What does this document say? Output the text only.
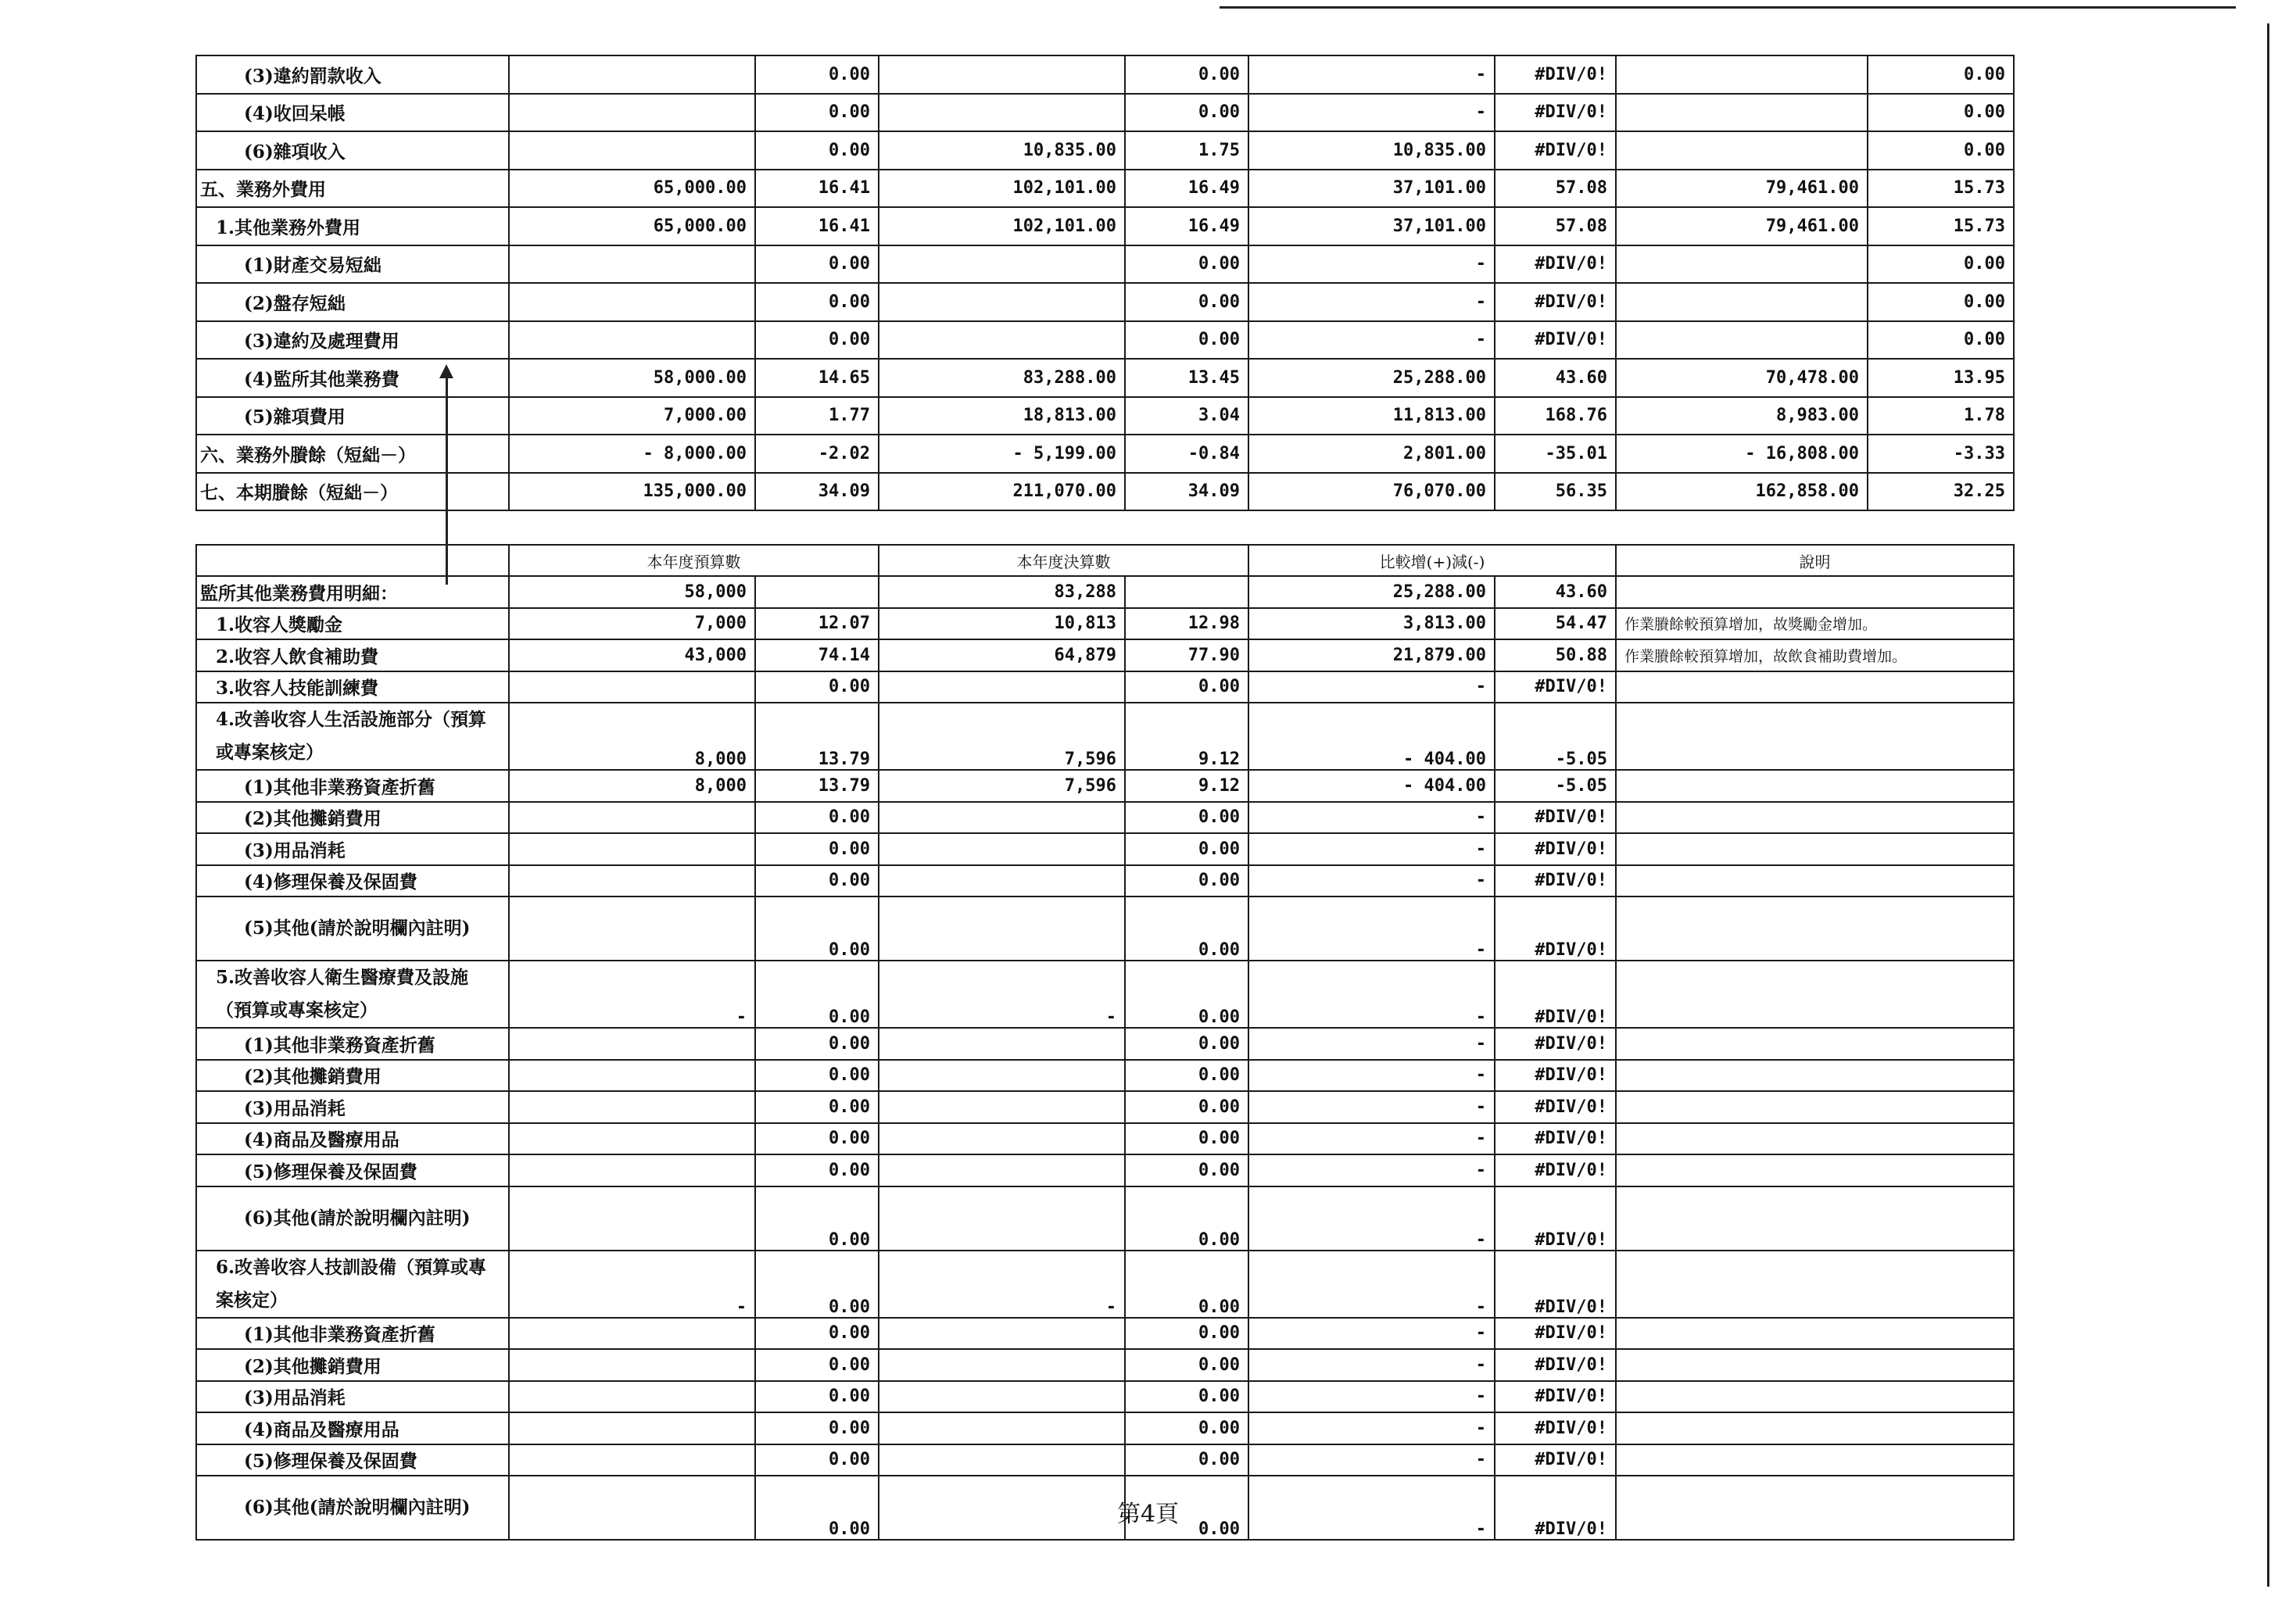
(3)違約罰款收入		0.00		0.00	-	#DIV/0!		0.00
(4)收回呆帳		0.00		0.00	-	#DIV/0!		0.00
(6)雜項收入		0.00	10,835.00	1.75	10,835.00	#DIV/0!		0.00
五、業務外費用	65,000.00	16.41	102,101.00	16.49	37,101.00	57.08	79,461.00	15.73
1.其他業務外費用	65,000.00	16.41	102,101.00	16.49	37,101.00	57.08	79,461.00	15.73
(1)財產交易短絀		0.00		0.00	-	#DIV/0!		0.00
(2)盤存短絀		0.00		0.00	-	#DIV/0!		0.00
(3)違約及處理費用		0.00		0.00	-	#DIV/0!		0.00
(4)監所其他業務費	58,000.00	14.65	83,288.00	13.45	25,288.00	43.60	70,478.00	13.95
(5)雜項費用	7,000.00	1.77	18,813.00	3.04	11,813.00	168.76	8,983.00	1.78
六、業務外賸餘（短絀－）	- 8,000.00	-2.02	- 5,199.00	-0.84	2,801.00	-35.01	- 16,808.00	-3.33
七、本期賸餘（短絀－）	135,000.00	34.09	211,070.00	34.09	76,070.00	56.35	162,858.00	32.25
	本年度預算數		本年度決算數		比較增(+)減(-)		說明
監所其他業務費用明細：	58,000		83,288		25,288.00	43.60	
1.收容人獎勵金	7,000	12.07	10,813	12.98	3,813.00	54.47	作業賸餘較預算增加，故獎勵金增加。
2.收容人飲食補助費	43,000	74.14	64,879	77.90	21,879.00	50.88	作業賸餘較預算增加，故飲食補助費增加。
3.收容人技能訓練費		0.00		0.00	-	#DIV/0!	
4.改善收容人生活設施部分（預算或專案核定）	8,000	13.79	7,596	9.12	- 404.00	-5.05	
(1)其他非業務資產折舊	8,000	13.79	7,596	9.12	- 404.00	-5.05	
(2)其他攤銷費用		0.00		0.00	-	#DIV/0!	
(3)用品消耗		0.00		0.00	-	#DIV/0!	
(4)修理保養及保固費		0.00		0.00	-	#DIV/0!	
(5)其他(請於說明欄內註明)		0.00		0.00	-	#DIV/0!	
5.改善收容人衛生醫療費及設施（預算或專案核定）	-	0.00	-	0.00	-	#DIV/0!	
(1)其他非業務資產折舊		0.00		0.00	-	#DIV/0!	
(2)其他攤銷費用		0.00		0.00	-	#DIV/0!	
(3)用品消耗		0.00		0.00	-	#DIV/0!	
(4)商品及醫療用品		0.00		0.00	-	#DIV/0!	
(5)修理保養及保固費		0.00		0.00	-	#DIV/0!	
(6)其他(請於說明欄內註明)		0.00		0.00	-	#DIV/0!	
6.改善收容人技訓設備（預算或專案核定）	-	0.00	-	0.00	-	#DIV/0!	
(1)其他非業務資產折舊		0.00		0.00	-	#DIV/0!	
(2)其他攤銷費用		0.00		0.00	-	#DIV/0!	
(3)用品消耗		0.00		0.00	-	#DIV/0!	
(4)商品及醫療用品		0.00		0.00	-	#DIV/0!	
(5)修理保養及保固費		0.00		0.00	-	#DIV/0!	
(6)其他(請於說明欄內註明)		0.00		0.00	-	#DIV/0!	
第4頁
